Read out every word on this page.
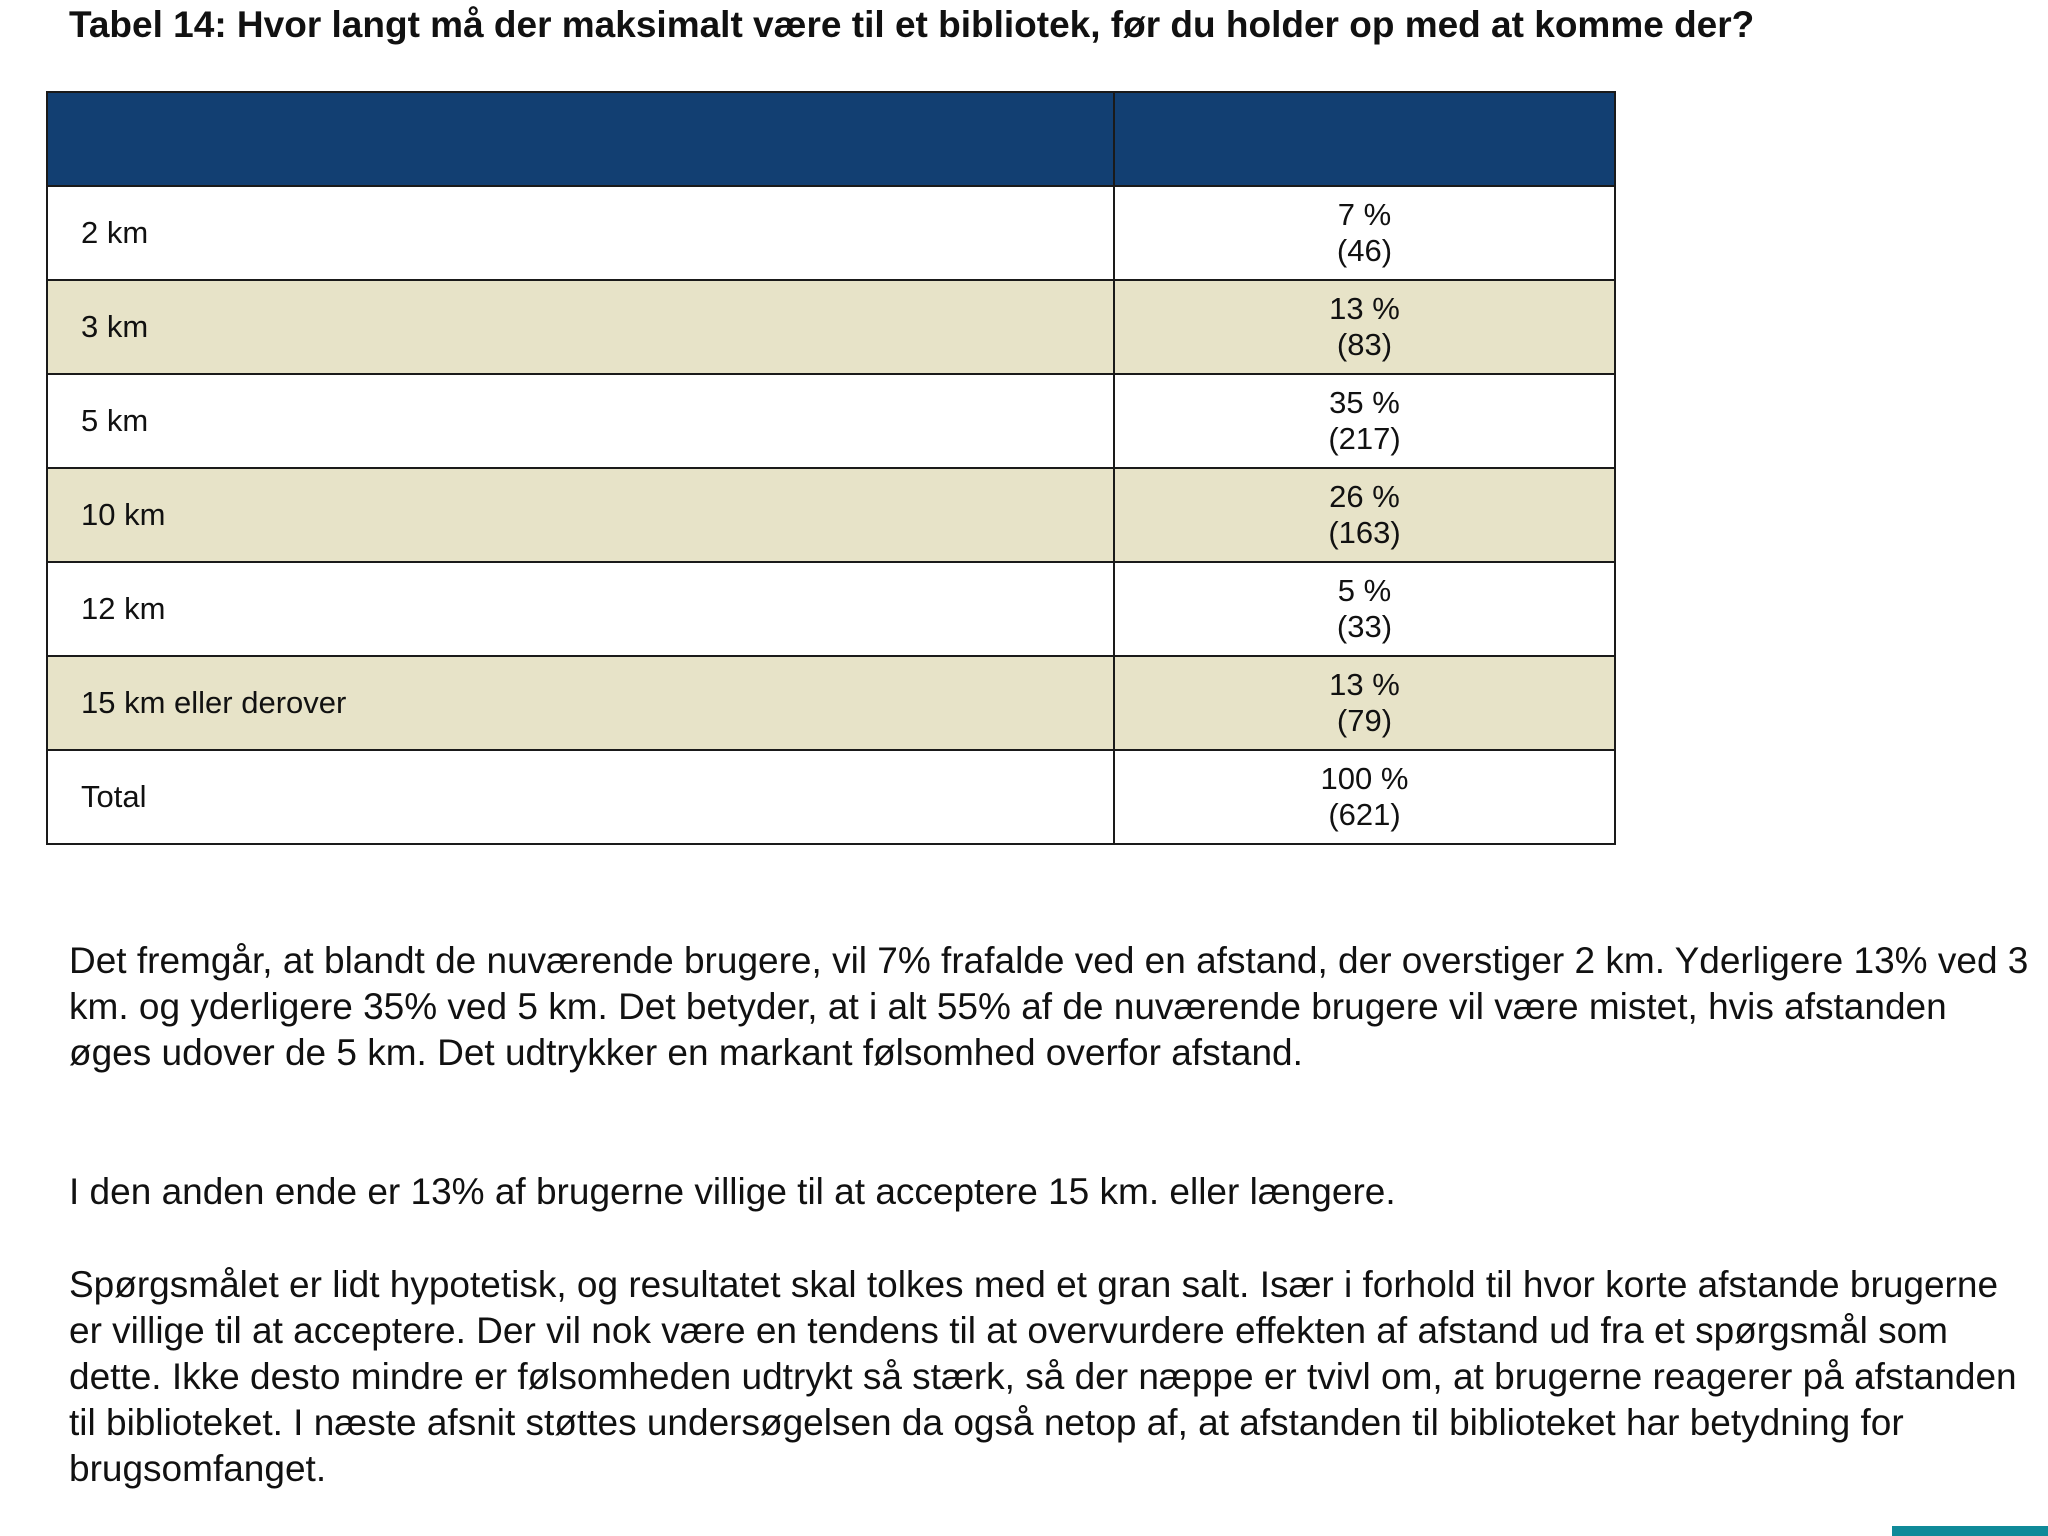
Tabel 14: Hvor langt må der maksimalt være til et bibliotek, før du holder op med at komme der?

2 km	7 %
(46)

3 km	13 %
(83)

5 km	35 %
(217)

10 km	26 %
(163)

12 km	5 %
(33)

15 km eller derover	13 %
(79)

Total	100 %
(621)

Det fremgår, at blandt de nuværende brugere, vil 7% frafalde ved en afstand, der overstiger 2 km. Yderligere 13% ved 3 km. og yderligere 35% ved 5 km. Det betyder, at i alt 55% af de nuværende brugere vil være mistet, hvis afstanden øges udover de 5 km. Det udtrykker en markant følsomhed overfor afstand.

I den anden ende er 13% af brugerne villige til at acceptere 15 km. eller længere.

Spørgsmålet er lidt hypotetisk, og resultatet skal tolkes med et gran salt. Især i forhold til hvor korte afstande brugerne er villige til at acceptere. Der vil nok være en tendens til at overvurdere effekten af afstand ud fra et spørgsmål som dette. Ikke desto mindre er følsomheden udtrykt så stærk, så der næppe er tvivl om, at brugerne reagerer på afstanden til biblioteket. I næste afsnit støttes undersøgelsen da også netop af, at afstanden til biblioteket har betydning for brugsomfanget.
